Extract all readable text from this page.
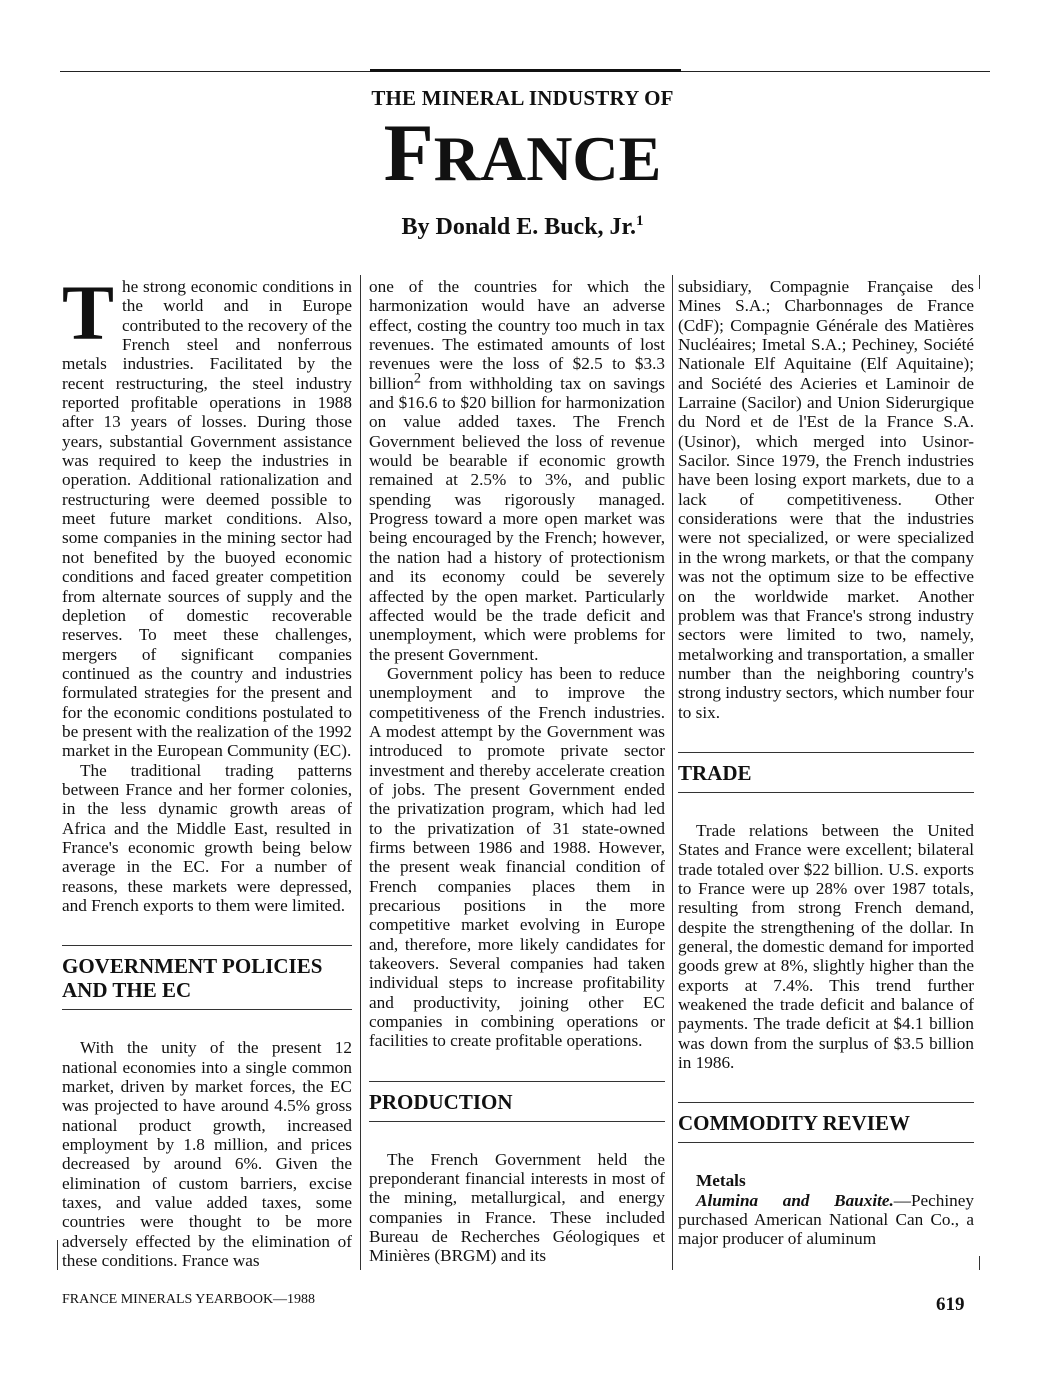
THE MINERAL INDUSTRY OF
FRANCE
By Donald E. Buck, Jr.$^1$

The strong economic conditions in the world and in Europe contributed to the recovery of the French steel and nonferrous metals industries. Facilitated by the recent restructuring, the steel industry reported profitable operations in 1988 after 13 years of losses. During those years, substantial Government assistance was required to keep the industries in operation. Additional rationalization and restructuring were deemed possible to meet future market conditions. Also, some companies in the mining sector had not benefited by the buoyed economic conditions and faced greater competition from alternate sources of supply and the depletion of domestic recoverable reserves. To meet these challenges, mergers of significant companies continued as the country and industries formulated strategies for the present and for the economic conditions postulated to be present with the realization of the 1992 market in the European Community (EC).

The traditional trading patterns between France and her former colonies, in the less dynamic growth areas of Africa and the Middle East, resulted in France's economic growth being below average in the EC. For a number of reasons, these markets were depressed, and French exports to them were limited.

GOVERNMENT POLICIES AND THE EC

With the unity of the present 12 national economies into a single common market, driven by market forces, the EC was projected to have around 4.5% gross national product growth, increased employment by 1.8 million, and prices decreased by around 6%. Given the elimination of custom barriers, excise taxes, and value added taxes, some countries were thought to be more adversely effected by the elimination of these conditions. France was

one of the countries for which the harmonization would have an adverse effect, costing the country too much in tax revenues. The estimated amounts of lost revenues were the loss of $2.5 to $3.3 billion$^2$ from withholding tax on savings and $16.6 to $20 billion for harmonization on value added taxes. The French Government believed the loss of revenue would be bearable if economic growth remained at 2.5% to 3%, and public spending was rigorously managed. Progress toward a more open market was being encouraged by the French; however, the nation had a history of protectionism and its economy could be severely affected by the open market. Particularly affected would be the trade deficit and unemployment, which were problems for the present Government.

Government policy has been to reduce unemployment and to improve the competitiveness of the French industries. A modest attempt by the Government was introduced to promote private sector investment and thereby accelerate creation of jobs. The present Government ended the privatization program, which had led to the privatization of 31 state-owned firms between 1986 and 1988. However, the present weak financial condition of French companies places them in precarious positions in the more competitive market evolving in Europe and, therefore, more likely candidates for takeovers. Several companies had taken individual steps to increase profitability and productivity, joining other EC companies in combining operations or facilities to create profitable operations.

PRODUCTION

The French Government held the preponderant financial interests in most of the mining, metallurgical, and energy companies in France. These included Bureau de Recherches Géologiques et Minières (BRGM) and its

subsidiary, Compagnie Française des Mines S.A.; Charbonnages de France (CdF); Compagnie Générale des Matières Nucléaires; Imetal S.A.; Pechiney, Société Nationale Elf Aquitaine (Elf Aquitaine); and Société des Acieries et Laminoir de Larraine (Sacilor) and Union Siderurgique du Nord et de l'Est de la France S.A. (Usinor), which merged into Usinor-Sacilor. Since 1979, the French industries have been losing export markets, due to a lack of competitiveness. Other considerations were that the industries were not specialized, or were specialized in the wrong markets, or that the company was not the optimum size to be effective on the worldwide market. Another problem was that France's strong industry sectors were limited to two, namely, metalworking and transportation, a smaller number than the neighboring country's strong industry sectors, which number four to six.

TRADE

Trade relations between the United States and France were excellent; bilateral trade totaled over $22 billion. U.S. exports to France were up 28% over 1987 totals, resulting from strong French demand, despite the strengthening of the dollar. In general, the domestic demand for imported goods grew at 8%, slightly higher than the exports at 7.4%. This trend further weakened the trade deficit and balance of payments. The trade deficit at $4.1 billion was down from the surplus of $3.5 billion in 1986.

COMMODITY REVIEW

Metals

Alumina and Bauxite.—Pechiney purchased American National Can Co., a major producer of aluminum

FRANCE MINERALS YEARBOOK—1988	619
